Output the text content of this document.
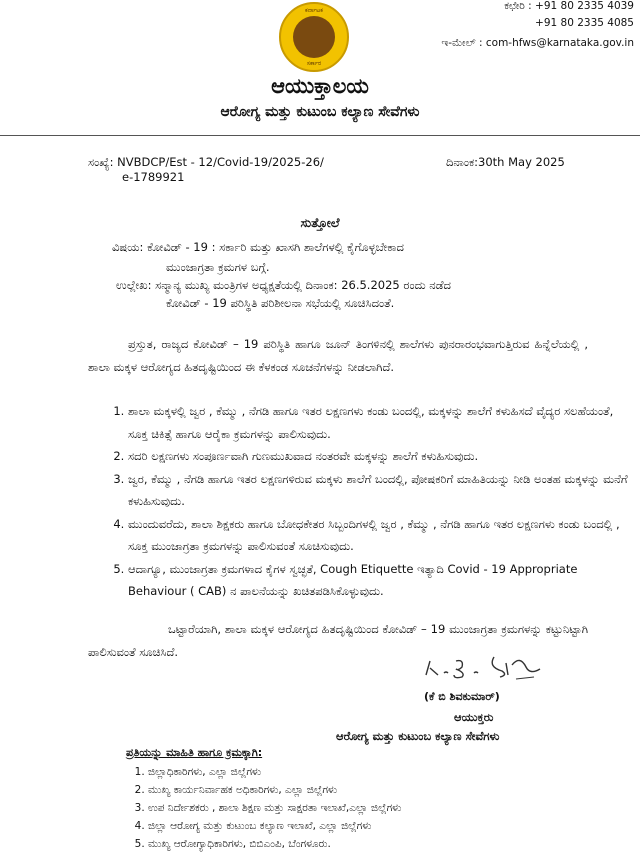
ಕರ್ನಾಟಕ
ಸರ್ಕಾರ
ಕಛೇರಿ : +91 80 2335 4039
+91 80 2335 4085
ಇ-ಮೇಲ್ : com-hfws@karnataka.gov.in
ಆಯುಕ್ತಾಲಯ
ಆರೋಗ್ಯ ಮತ್ತು ಕುಟುಂಬ ಕಲ್ಯಾಣ ಸೇವೆಗಳು
ಸಂಖ್ಯೆ: NVBDCP/Est - 12/Covid-19/2025-26/
e-1789921
ದಿನಾಂಕ:30th May 2025
ಸುತ್ತೋಲೆ
ವಿಷಯ: ಕೋವಿಡ್ - 19 : ಸರ್ಕಾರಿ ಮತ್ತು ಖಾಸಗಿ ಶಾಲೆಗಳಲ್ಲಿ ಕೈಗೊಳ್ಳಬೇಕಾದ
ಮುಂಜಾಗ್ರತಾ ಕ್ರಮಗಳ ಬಗ್ಗೆ.
ಉಲ್ಲೇಖ: ಸನ್ಮಾನ್ಯ ಮುಖ್ಯ ಮಂತ್ರಿಗಳ ಅಧ್ಯಕ್ಷತೆಯಲ್ಲಿ ದಿನಾಂಕ: 26.5.2025 ರಂದು ನಡೆದ
ಕೋವಿಡ್ - 19 ಪರಿಸ್ಥಿತಿ ಪರಿಶೀಲನಾ ಸಭೆಯಲ್ಲಿ ಸೂಚಿಸಿದಂತೆ.
ಪ್ರಸ್ತುತ, ರಾಜ್ಯದ ಕೋವಿಡ್ – 19 ಪರಿಸ್ಥಿತಿ ಹಾಗೂ ಜೂನ್ ತಿಂಗಳಿನಲ್ಲಿ ಶಾಲೆಗಳು ಪುನರಾರಂಭವಾಗುತ್ತಿರುವ ಹಿನ್ನೆಲೆಯಲ್ಲಿ , ಶಾಲಾ ಮಕ್ಕಳ ಆರೋಗ್ಯದ ಹಿತದೃಷ್ಟಿಯಿಂದ ಈ ಕೆಳಕಂಡ ಸೂಚನೆಗಳನ್ನು ನೀಡಲಾಗಿದೆ.
1. ಶಾಲಾ ಮಕ್ಕಳಲ್ಲಿ ಜ್ವರ , ಕೆಮ್ಮು , ನೆಗಡಿ ಹಾಗೂ ಇತರ ಲಕ್ಷಣಗಳು ಕಂಡು ಬಂದಲ್ಲಿ, ಮಕ್ಕಳನ್ನು ಶಾಲೆಗೆ ಕಳುಹಿಸದೆ ವೈದ್ಯರ ಸಲಹೆಯಂತೆ, ಸೂಕ್ತ ಚಿಕಿತ್ಸೆ ಹಾಗೂ ಆರೈಕಾ ಕ್ರಮಗಳನ್ನು ಪಾಲಿಸುವುದು.
2. ಸದರಿ ಲಕ್ಷಣಗಳು ಸಂಪೂರ್ಣವಾಗಿ ಗುಣಮುಖವಾದ ನಂತರವೇ ಮಕ್ಕಳನ್ನು ಶಾಲೆಗೆ ಕಳುಹಿಸುವುದು.
3. ಜ್ವರ, ಕೆಮ್ಮು , ನೆಗಡಿ ಹಾಗೂ ಇತರ ಲಕ್ಷಣಗಳಿರುವ ಮಕ್ಕಳು ಶಾಲೆಗೆ ಬಂದಲ್ಲಿ, ಪೋಷಕರಿಗೆ ಮಾಹಿತಿಯನ್ನು ನೀಡಿ ಅಂತಹ ಮಕ್ಕಳನ್ನು ಮನೆಗೆ ಕಳುಹಿಸುವುದು.
4. ಮುಂದುವರೆದು, ಶಾಲಾ ಶಿಕ್ಷಕರು ಹಾಗೂ ಬೋಧಕೇತರ ಸಿಬ್ಬಂದಿಗಳಲ್ಲಿ ಜ್ವರ , ಕೆಮ್ಮು , ನೆಗಡಿ ಹಾಗೂ ಇತರ ಲಕ್ಷಣಗಳು ಕಂಡು ಬಂದಲ್ಲಿ , ಸೂಕ್ತ ಮುಂಜಾಗ್ರತಾ ಕ್ರಮಗಳನ್ನು ಪಾಲಿಸುವಂತೆ ಸೂಚಿಸುವುದು.
5. ಆದಾಗ್ಯೂ, ಮುಂಜಾಗ್ರತಾ ಕ್ರಮಗಳಾದ ಕೈಗಳ ಸ್ವಚ್ಛತೆ, Cough Etiquette ಇತ್ಯಾದಿ Covid - 19 Appropriate Behaviour ( CAB) ನ ಪಾಲನೆಯನ್ನು ಖಚಿತಪಡಿಸಿಕೊಳ್ಳುವುದು.
ಒಟ್ಟಾರೆಯಾಗಿ, ಶಾಲಾ ಮಕ್ಕಳ ಆರೋಗ್ಯದ ಹಿತದೃಷ್ಟಿಯಿಂದ ಕೋವಿಡ್ – 19 ಮುಂಜಾಗ್ರತಾ ಕ್ರಮಗಳನ್ನು ಕಟ್ಟುನಿಟ್ಟಾಗಿ ಪಾಲಿಸುವಂತೆ ಸೂಚಿಸಿದೆ.
(ಕೆ ಬಿ ಶಿವಕುಮಾರ್)
ಆಯುಕ್ತರು
ಆರೋಗ್ಯ ಮತ್ತು ಕುಟುಂಬ ಕಲ್ಯಾಣ ಸೇವೆಗಳು
ಪ್ರತಿಯನ್ನು ಮಾಹಿತಿ ಹಾಗೂ ಕ್ರಮಕ್ಕಾಗಿ:
1. ಜಿಲ್ಲಾಧಿಕಾರಿಗಳು, ಎಲ್ಲಾ ಜಿಲ್ಲೆಗಳು
2. ಮುಖ್ಯ ಕಾರ್ಯನಿರ್ವಾಹಕ ಅಧಿಕಾರಿಗಳು, ಎಲ್ಲಾ ಜಿಲ್ಲೆಗಳು
3. ಉಪ ನಿರ್ದೇಶಕರು , ಶಾಲಾ ಶಿಕ್ಷಣ ಮತ್ತು ಸಾಕ್ಷರತಾ ಇಲಾಖೆ,ಎಲ್ಲಾ ಜಿಲ್ಲೆಗಳು
4. ಜಿಲ್ಲಾ ಆರೋಗ್ಯ ಮತ್ತು ಕುಟುಂಬ ಕಲ್ಯಾಣ ಇಲಾಖೆ, ಎಲ್ಲಾ ಜಿಲ್ಲೆಗಳು
5. ಮುಖ್ಯ ಆರೋಗ್ಯಾಧಿಕಾರಿಗಳು, ಬಿಬಿಎಂಪಿ, ಬೆಂಗಳೂರು.
